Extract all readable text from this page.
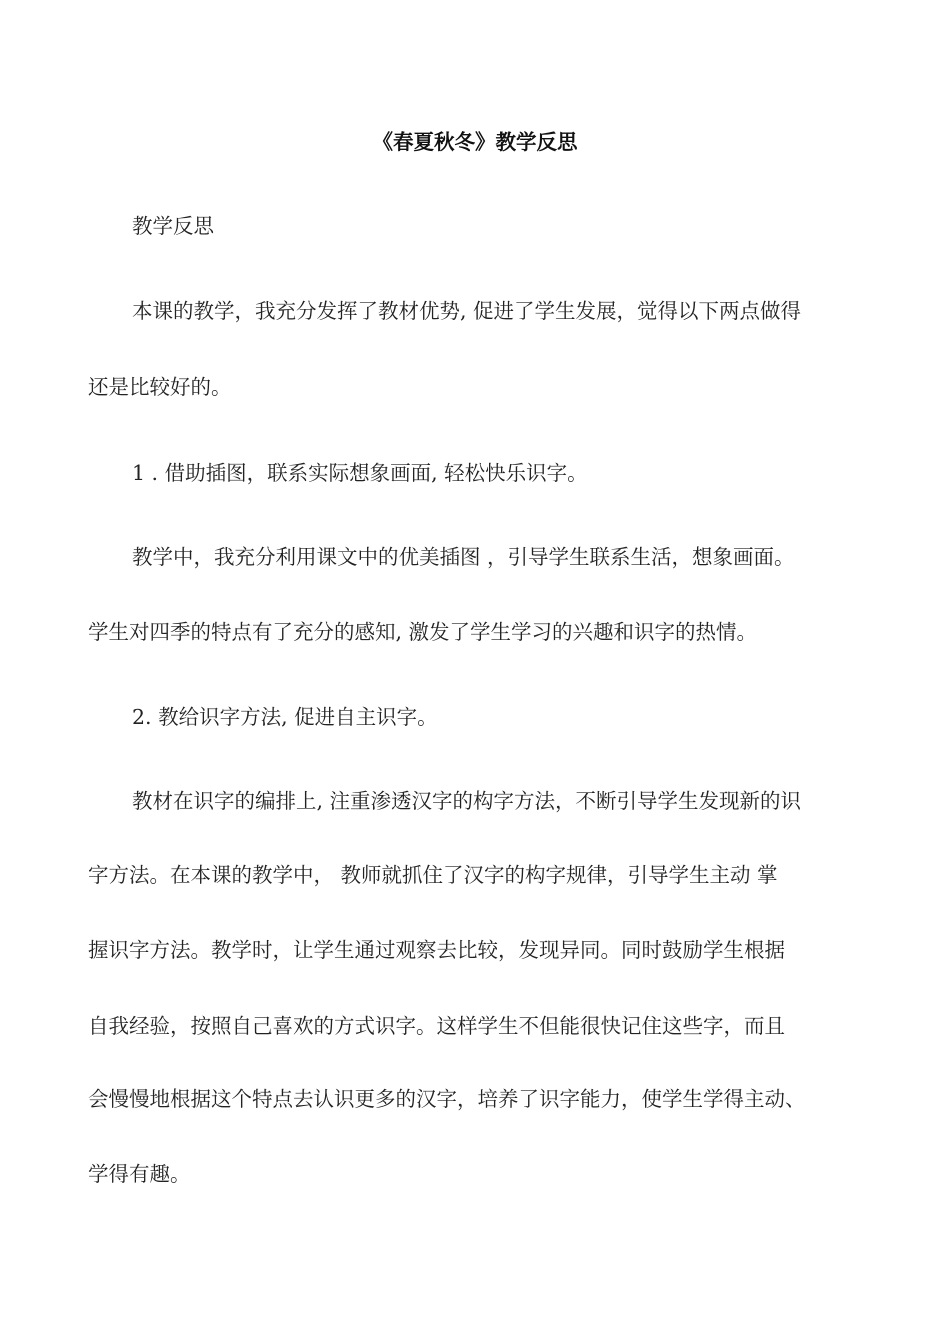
《春夏秋冬》教学反思
教学反思
本课的教学，我充分发挥了教材优势, 促进了学生发展，觉得以下两点做得
还是比较好的。
1 . 借助插图，联系实际想象画面, 轻松快乐识字。
教学中，我充分利用课文中的优美插图 ，引导学生联系生活，想象画面。
学生对四季的特点有了充分的感知, 激发了学生学习的兴趣和识字的热情。
2. 教给识字方法, 促进自主识字。
教材在识字的编排上, 注重渗透汉字的构字方法，不断引导学生发现新的识
字方法。在本课的教学中， 教师就抓住了汉字的构字规律，引导学生主动 掌
握识字方法。教学时，让学生通过观察去比较，发现异同。同时鼓励学生根据
自我经验，按照自己喜欢的方式识字。这样学生不但能很快记住这些字，而且
会慢慢地根据这个特点去认识更多的汉字，培养了识字能力，使学生学得主动、
学得有趣。
